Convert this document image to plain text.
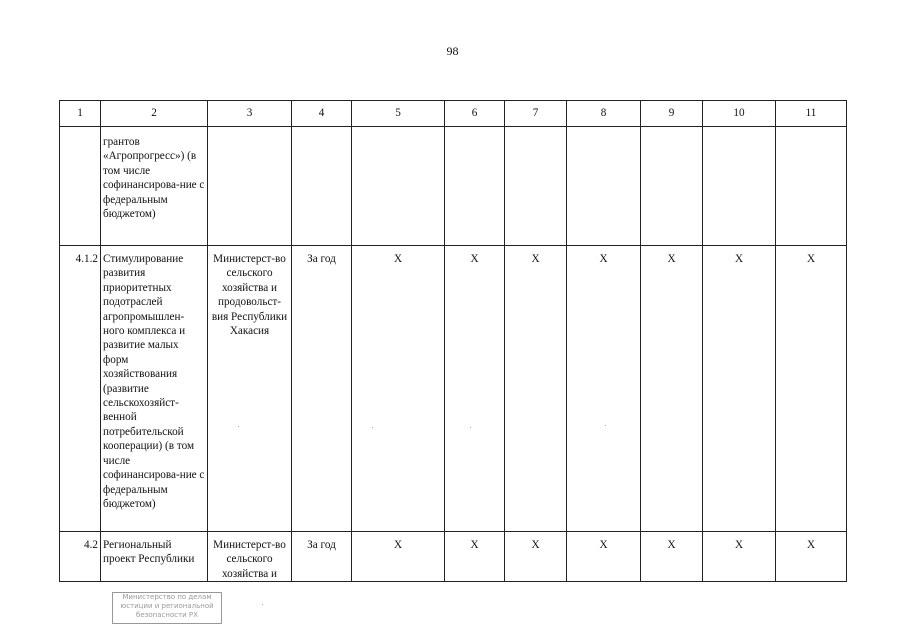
98
1	2	3	4	5	6	7	8	9	10	11
	грантов «Агропрогресс») (в том числе софинансирова-ние с федеральным бюджетом)									
4.1.2	Стимулирование развития приоритетных подотраслей агропромышлен-ного комплекса и развитие малых форм хозяйствования (развитие сельскохозяйст-венной потребительской кооперации) (в том числе софинансирова-ние с федеральным бюджетом)	Министерст-во сельского хозяйства и продовольст-вия Республики Хакасия	За год	X	X	X	X	X	X	X
4.2	Региональный проект Республики	Министерст-во сельского хозяйства и	За год	X	X	X	X	X	X	X
Министерство по делам
юстиции и региональной
безопасности РХ
